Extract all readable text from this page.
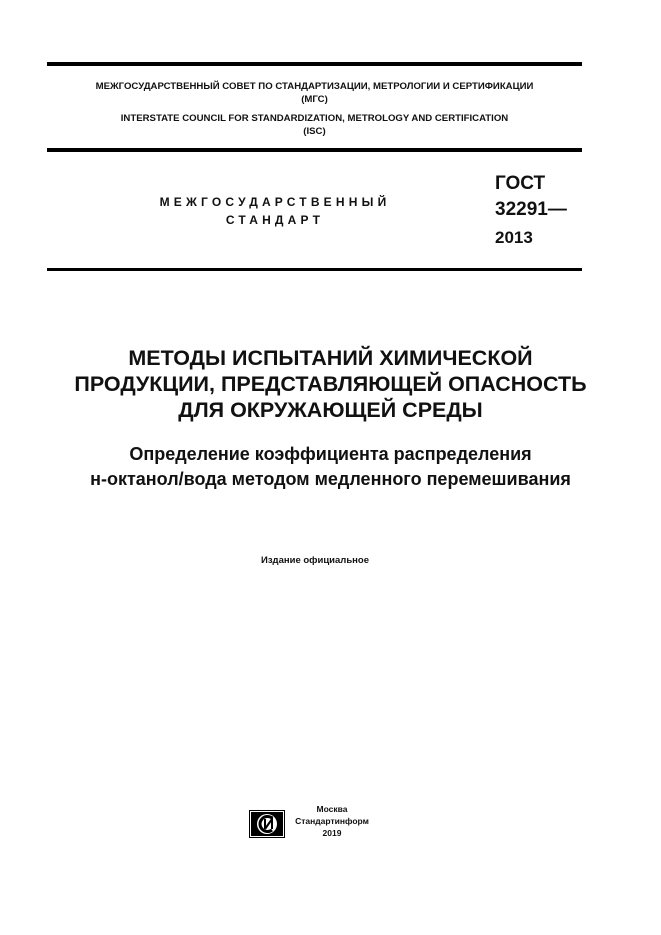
МЕЖГОСУДАРСТВЕННЫЙ СОВЕТ ПО СТАНДАРТИЗАЦИИ, МЕТРОЛОГИИ И СЕРТИФИКАЦИИ
(МГС)
INTERSTATE COUNCIL FOR STANDARDIZATION, METROLOGY AND CERTIFICATION
(ISC)
МЕЖГОСУДАРСТВЕННЫЙ
СТАНДАРТ
ГОСТ
32291—
2013
МЕТОДЫ ИСПЫТАНИЙ ХИМИЧЕСКОЙ
ПРОДУКЦИИ, ПРЕДСТАВЛЯЮЩЕЙ ОПАСНОСТЬ
ДЛЯ ОКРУЖАЮЩЕЙ СРЕДЫ
Определение коэффициента распределения
н-октанол/вода методом медленного перемешивания
Издание официальное
Москва
Стандартинформ
2019
